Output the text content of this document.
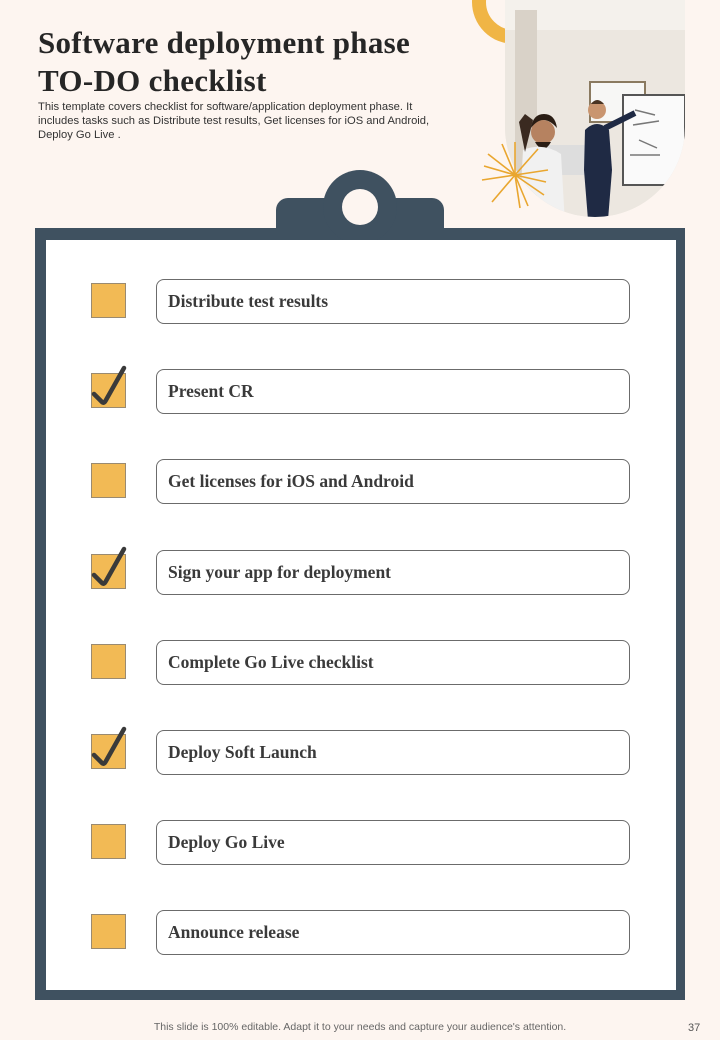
Software deployment phase
TO-DO checklist
This template covers checklist for software/application deployment phase. It includes tasks such as Distribute test results, Get licenses for iOS and Android, Deploy Go Live .
Distribute test results
Present CR
Get licenses for iOS and Android
Sign your app for deployment
Complete Go Live checklist
Deploy Soft Launch
Deploy Go Live
Announce release
This slide is 100% editable. Adapt it to your needs and capture your audience's attention.	37
